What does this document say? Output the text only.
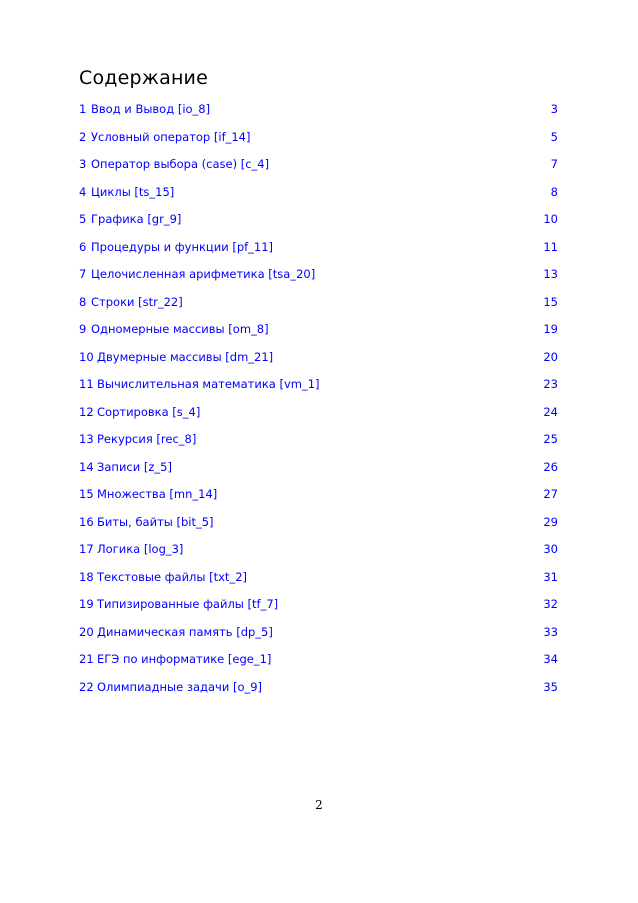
Содержание
1 Ввод и Вывод [io_8]	3
2 Условный оператор [if_14]	5
3 Оператор выбора (case) [c_4]	7
4 Циклы [ts_15]	8
5 Графика [gr_9]	10
6 Процедуры и функции [pf_11]	11
7 Целочисленная арифметика [tsa_20]	13
8 Строки [str_22]	15
9 Одномерные массивы [om_8]	19
10 Двумерные массивы [dm_21]	20
11 Вычислительная математика [vm_1]	23
12 Сортировка [s_4]	24
13 Рекурсия [rec_8]	25
14 Записи [z_5]	26
15 Множества [mn_14]	27
16 Биты, байты [bit_5]	29
17 Логика [log_3]	30
18 Текстовые файлы [txt_2]	31
19 Типизированные файлы [tf_7]	32
20 Динамическая память [dp_5]	33
21 ЕГЭ по информатике [ege_1]	34
22 Олимпиадные задачи [o_9]	35
2
